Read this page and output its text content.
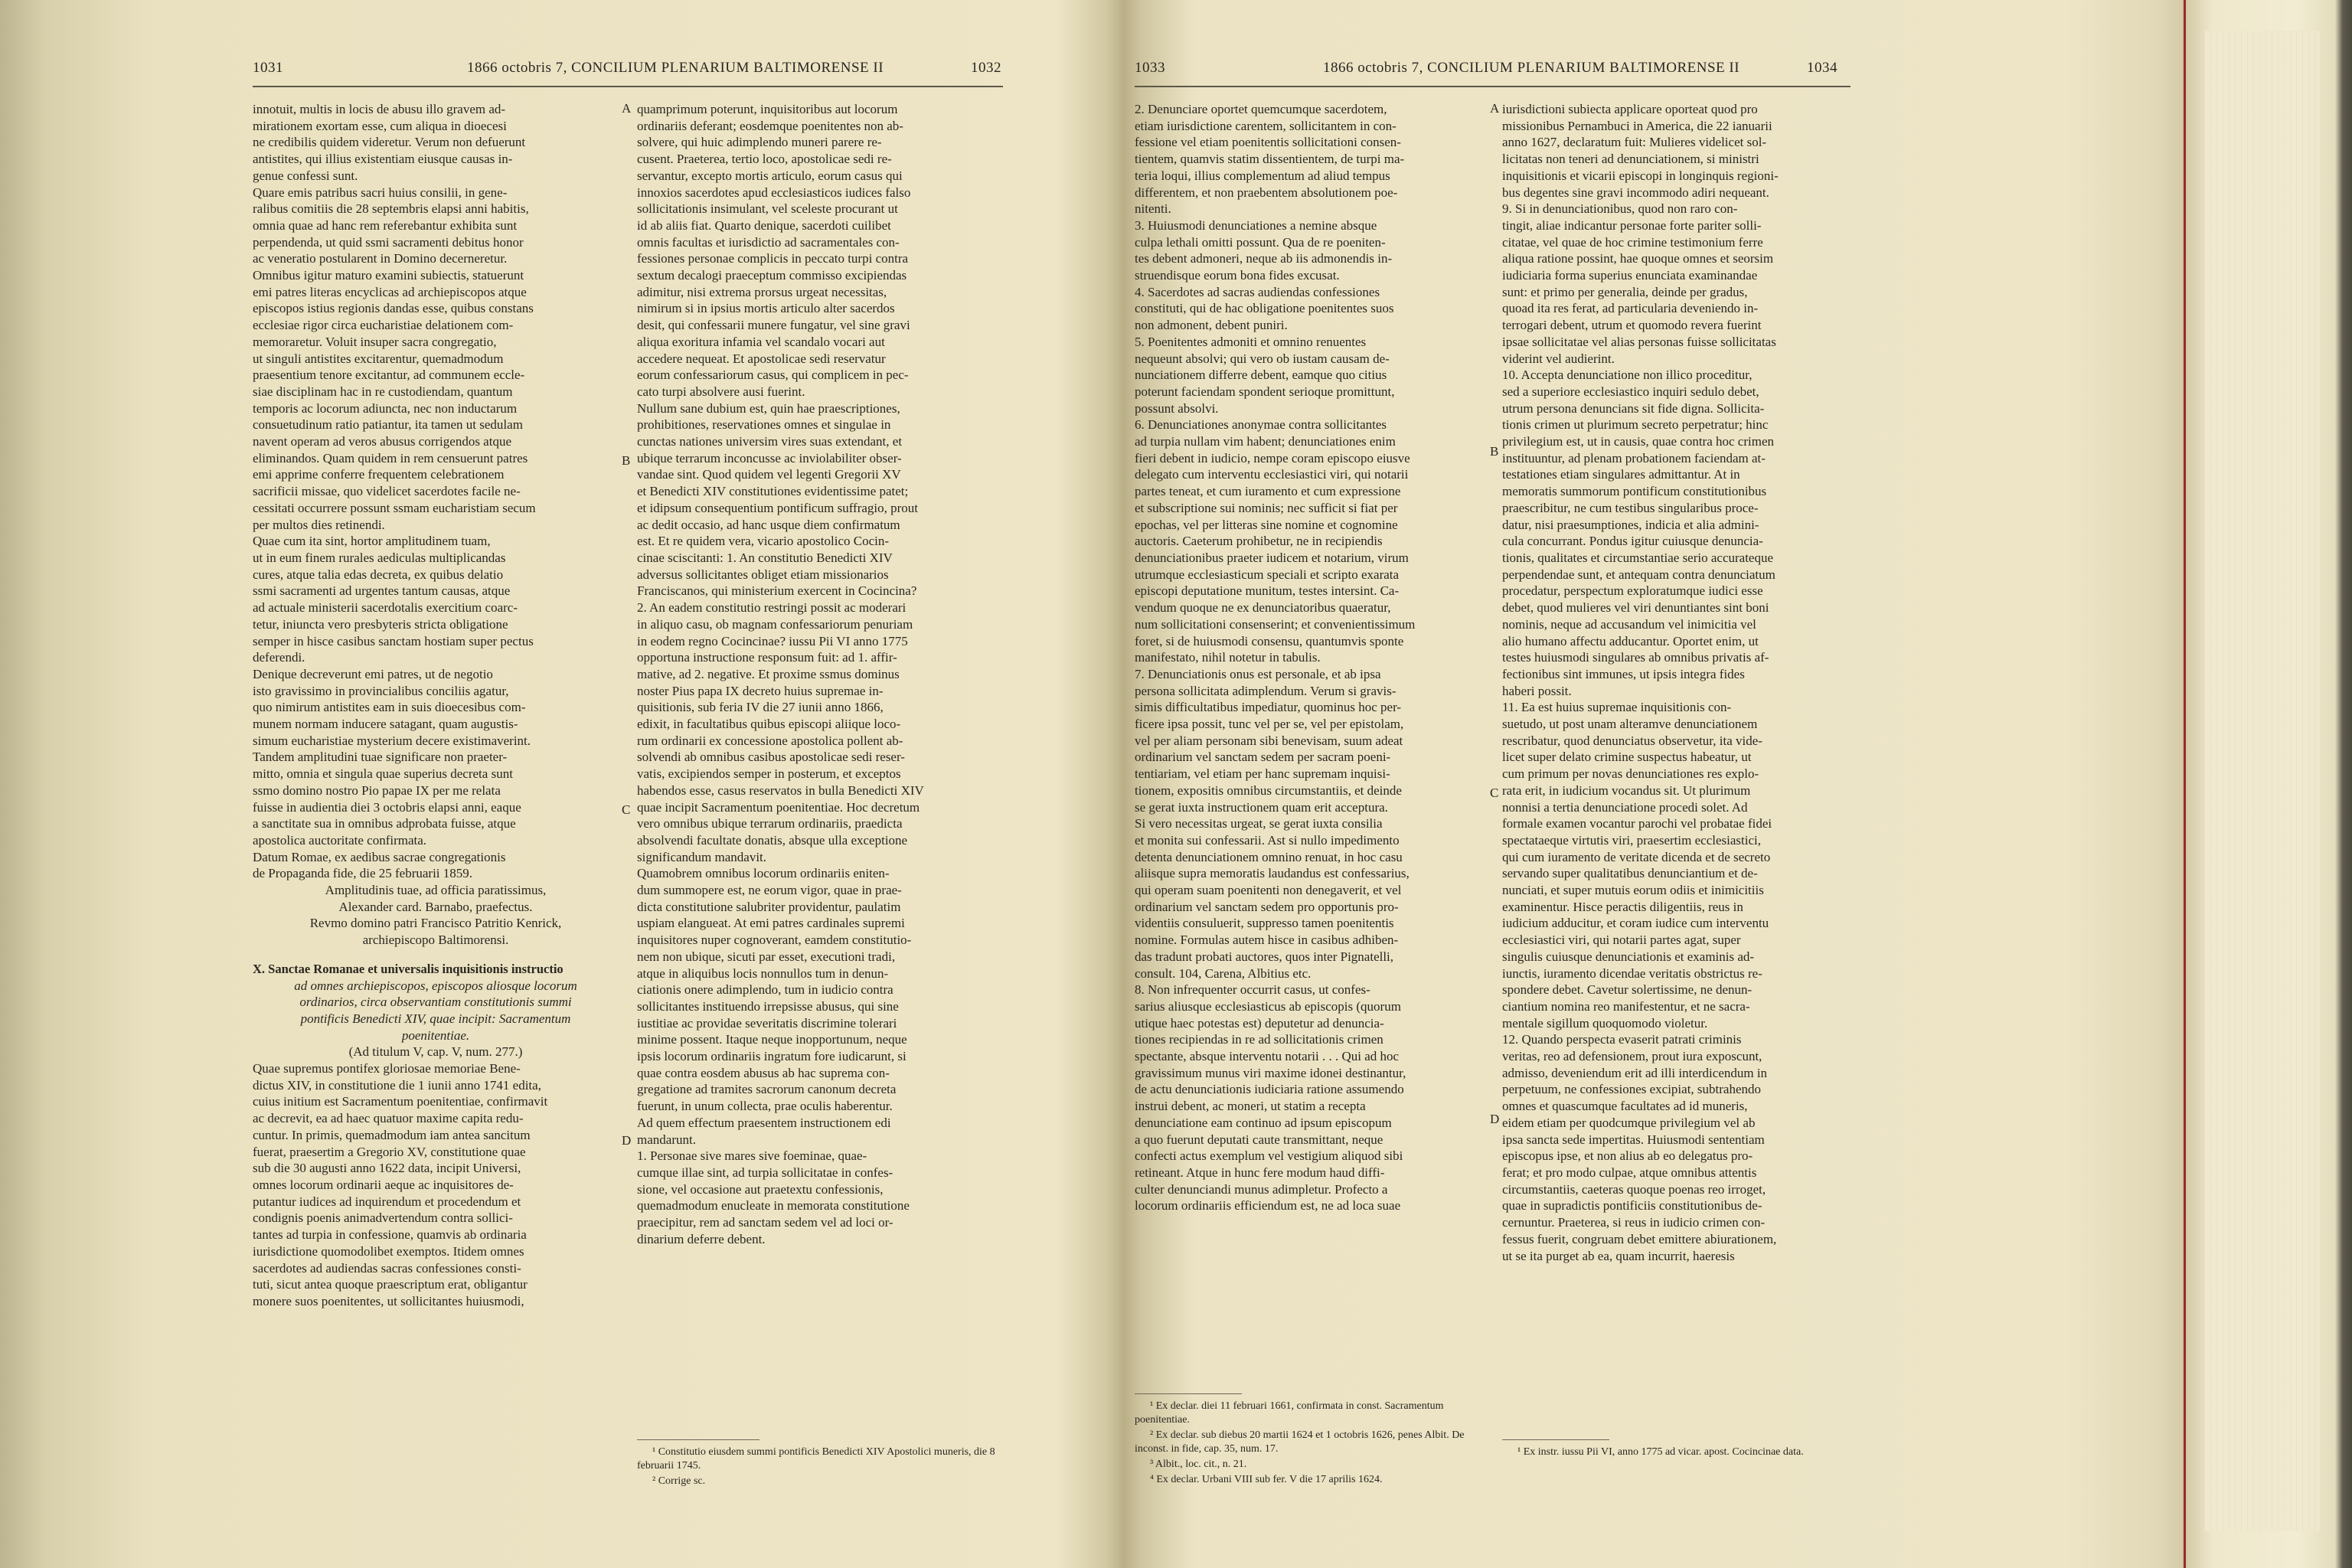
1031	1866 octobris 7, CONCILIUM PLENARIUM BALTIMORENSE II	1032

innotuit, multis in locis de abusu illo gravem ad-

mirationem exortam esse, cum aliqua in dioecesi

ne credibilis quidem videretur. Verum non defuerunt

antistites, qui illius existentiam eiusque causas in-

genue confessi sunt.

Quare emis patribus sacri huius consilii, in gene-

ralibus comitiis die 28 septembris elapsi anni habitis,

omnia quae ad hanc rem referebantur exhibita sunt

perpendenda, ut quid ssmi sacramenti debitus honor

ac veneratio postularent in Domino decerneretur.

Omnibus igitur maturo examini subiectis, statuerunt

emi patres literas encyclicas ad archiepiscopos atque

episcopos istius regionis dandas esse, quibus constans

ecclesiae rigor circa eucharistiae delationem com-

memoraretur. Voluit insuper sacra congregatio,

ut singuli antistites excitarentur, quemadmodum

praesentium tenore excitantur, ad communem eccle-

siae disciplinam hac in re custodiendam, quantum

temporis ac locorum adiuncta, nec non inductarum

consuetudinum ratio patiantur, ita tamen ut sedulam

navent operam ad veros abusus corrigendos atque

eliminandos. Quam quidem in rem censuerunt patres

emi apprime conferre frequentem celebrationem

sacrificii missae, quo videlicet sacerdotes facile ne-

cessitati occurrere possunt ssmam eucharistiam secum

per multos dies retinendi.

Quae cum ita sint, hortor amplitudinem tuam,

ut in eum finem rurales aediculas multiplicandas

cures, atque talia edas decreta, ex quibus delatio

ssmi sacramenti ad urgentes tantum causas, atque

ad actuale ministerii sacerdotalis exercitium coarc-

tetur, iniuncta vero presbyteris stricta obligatione

semper in hisce casibus sanctam hostiam super pectus

deferendi.

Denique decreverunt emi patres, ut de negotio

isto gravissimo in provincialibus conciliis agatur,

quo nimirum antistites eam in suis dioecesibus com-

munem normam inducere satagant, quam augustis-

simum eucharistiae mysterium decere existimaverint.

Tandem amplitudini tuae significare non praeter-

mitto, omnia et singula quae superius decreta sunt

ssmo domino nostro Pio papae IX per me relata

fuisse in audientia diei 3 octobris elapsi anni, eaque

a sanctitate sua in omnibus adprobata fuisse, atque

apostolica auctoritate confirmata.

Datum Romae, ex aedibus sacrae congregationis

de Propaganda fide, die 25 februarii 1859.

Amplitudinis tuae, ad officia paratissimus,

Alexander card. Barnabo, praefectus.

Revmo domino patri Francisco Patritio Kenrick,

archiepiscopo Baltimorensi.

X. Sanctae Romanae et universalis inquisitionis instructio

ad omnes archiepiscopos, episcopos aliosque locorum

ordinarios, circa observantiam constitutionis summi

pontificis Benedicti XIV, quae incipit: Sacramentum

poenitentiae.

(Ad titulum V, cap. V, num. 277.)

Quae supremus pontifex gloriosae memoriae Bene-

dictus XIV, in constitutione die 1 iunii anno 1741 edita,

cuius initium est Sacramentum poenitentiae, confirmavit

ac decrevit, ea ad haec quatuor maxime capita redu-

cuntur. In primis, quemadmodum iam antea sancitum

fuerat, praesertim a Gregorio XV, constitutione quae

sub die 30 augusti anno 1622 data, incipit Universi,

omnes locorum ordinarii aeque ac inquisitores de-

putantur iudices ad inquirendum et procedendum et

condignis poenis animadvertendum contra sollici-

tantes ad turpia in confessione, quamvis ab ordinaria

iurisdictione quomodolibet exemptos. Itidem omnes

sacerdotes ad audiendas sacras confessiones consti-

tuti, sicut antea quoque praescriptum erat, obligantur

monere suos poenitentes, ut sollicitantes huiusmodi,

quamprimum poterunt, inquisitoribus aut locorum

ordinariis deferant; eosdemque poenitentes non ab-

solvere, qui huic adimplendo muneri parere re-

cusent. Praeterea, tertio loco, apostolicae sedi re-

servantur, excepto mortis articulo, eorum casus qui

innoxios sacerdotes apud ecclesiasticos iudices falso

sollicitationis insimulant, vel sceleste procurant ut

id ab aliis fiat. Quarto denique, sacerdoti cuilibet

omnis facultas et iurisdictio ad sacramentales con-

fessiones personae complicis in peccato turpi contra

sextum decalogi praeceptum commisso excipiendas

adimitur, nisi extrema prorsus urgeat necessitas,

nimirum si in ipsius mortis articulo alter sacerdos

desit, qui confessarii munere fungatur, vel sine gravi

aliqua exoritura infamia vel scandalo vocari aut

accedere nequeat. Et apostolicae sedi reservatur

eorum confessariorum casus, qui complicem in pec-

cato turpi absolvere ausi fuerint.

Nullum sane dubium est, quin hae praescriptiones,

prohibitiones, reservationes omnes et singulae in

cunctas nationes universim vires suas extendant, et

ubique terrarum inconcusse ac inviolabiliter obser-

vandae sint. Quod quidem vel legenti Gregorii XV

et Benedicti XIV constitutiones evidentissime patet;

et idipsum consequentium pontificum suffragio, prout

ac dedit occasio, ad hanc usque diem confirmatum

est. Et re quidem vera, vicario apostolico Cocin-

cinae sciscitanti: 1. An constitutio Benedicti XIV

adversus sollicitantes obliget etiam missionarios

Franciscanos, qui ministerium exercent in Cocincina?

2. An eadem constitutio restringi possit ac moderari

in aliquo casu, ob magnam confessariorum penuriam

in eodem regno Cocincinae? iussu Pii VI anno 1775

opportuna instructione responsum fuit: ad 1. affir-

mative, ad 2. negative. Et proxime ssmus dominus

noster Pius papa IX decreto huius supremae in-

quisitionis, sub feria IV die 27 iunii anno 1866,

edixit, in facultatibus quibus episcopi aliique loco-

rum ordinarii ex concessione apostolica pollent ab-

solvendi ab omnibus casibus apostolicae sedi reser-

vatis, excipiendos semper in posterum, et exceptos

habendos esse, casus reservatos in bulla Benedicti XIV

quae incipit Sacramentum poenitentiae. Hoc decretum

vero omnibus ubique terrarum ordinariis, praedicta

absolvendi facultate donatis, absque ulla exceptione

significandum mandavit.

Quamobrem omnibus locorum ordinariis eniten-

dum summopere est, ne eorum vigor, quae in prae-

dicta constitutione salubriter providentur, paulatim

uspiam elangueat. At emi patres cardinales supremi

inquisitores nuper cognoverant, eamdem constitutio-

nem non ubique, sicuti par esset, executioni tradi,

atque in aliquibus locis nonnullos tum in denun-

ciationis onere adimplendo, tum in iudicio contra

sollicitantes instituendo irrepsisse abusus, qui sine

iustitiae ac providae severitatis discrimine tolerari

minime possent. Itaque neque inopportunum, neque

ipsis locorum ordinariis ingratum fore iudicarunt, si

quae contra eosdem abusus ab hac suprema con-

gregatione ad tramites sacrorum canonum decreta

fuerunt, in unum collecta, prae oculis haberentur.

Ad quem effectum praesentem instructionem edi

mandarunt.

1. Personae sive mares sive foeminae, quae-

cumque illae sint, ad turpia sollicitatae in confes-

sione, vel occasione aut praetextu confessionis,

quemadmodum enucleate in memorata constitutione

praecipitur, rem ad sanctam sedem vel ad loci or-

dinarium deferre debent.

A
B
C
D

¹ Constitutio eiusdem summi pontificis Benedicti XIV Apostolici muneris, die 8 februarii 1745.

² Corrige sc.

1033	1866 octobris 7, CONCILIUM PLENARIUM BALTIMORENSE II	1034

2. Denunciare oportet quemcumque sacerdotem,

etiam iurisdictione carentem, sollicitantem in con-

fessione vel etiam poenitentis sollicitationi consen-

tientem, quamvis statim dissentientem, de turpi ma-

teria loqui, illius complementum ad aliud tempus

differentem, et non praebentem absolutionem poe-

nitenti.

3. Huiusmodi denunciationes a nemine absque

culpa lethali omitti possunt. Qua de re poeniten-

tes debent admoneri, neque ab iis admonendis in-

struendisque eorum bona fides excusat.

4. Sacerdotes ad sacras audiendas confessiones

constituti, qui de hac obligatione poenitentes suos

non admonent, debent puniri.

5. Poenitentes admoniti et omnino renuentes

nequeunt absolvi; qui vero ob iustam causam de-

nunciationem differre debent, eamque quo citius

poterunt faciendam spondent serioque promittunt,

possunt absolvi.

6. Denunciationes anonymae contra sollicitantes

ad turpia nullam vim habent; denunciationes enim

fieri debent in iudicio, nempe coram episcopo eiusve

delegato cum interventu ecclesiastici viri, qui notarii

partes teneat, et cum iuramento et cum expressione

et subscriptione sui nominis; nec sufficit si fiat per

epochas, vel per litteras sine nomine et cognomine

auctoris. Caeterum prohibetur, ne in recipiendis

denunciationibus praeter iudicem et notarium, virum

utrumque ecclesiasticum speciali et scripto exarata

episcopi deputatione munitum, testes intersint. Ca-

vendum quoque ne ex denunciatoribus quaeratur,

num sollicitationi consenserint; et convenientissimum

foret, si de huiusmodi consensu, quantumvis sponte

manifestato, nihil notetur in tabulis.

7. Denunciationis onus est personale, et ab ipsa

persona sollicitata adimplendum. Verum si gravis-

simis difficultatibus impediatur, quominus hoc per-

ficere ipsa possit, tunc vel per se, vel per epistolam,

vel per aliam personam sibi benevisam, suum adeat

ordinarium vel sanctam sedem per sacram poeni-

tentiariam, vel etiam per hanc supremam inquisi-

tionem, expositis omnibus circumstantiis, et deinde

se gerat iuxta instructionem quam erit acceptura.

Si vero necessitas urgeat, se gerat iuxta consilia

et monita sui confessarii. Ast si nullo impedimento

detenta denunciationem omnino renuat, in hoc casu

aliisque supra memoratis laudandus est confessarius,

qui operam suam poenitenti non denegaverit, et vel

ordinarium vel sanctam sedem pro opportunis pro-

videntiis consuluerit, suppresso tamen poenitentis

nomine. Formulas autem hisce in casibus adhiben-

das tradunt probati auctores, quos inter Pignatelli,

consult. 104, Carena, Albitius etc.

8. Non infrequenter occurrit casus, ut confes-

sarius aliusque ecclesiasticus ab episcopis (quorum

utique haec potestas est) deputetur ad denuncia-

tiones recipiendas in re ad sollicitationis crimen

spectante, absque interventu notarii . . . Qui ad hoc

gravissimum munus viri maxime idonei destinantur,

de actu denunciationis iudiciaria ratione assumendo

instrui debent, ac moneri, ut statim a recepta

denunciatione eam continuo ad ipsum episcopum

a quo fuerunt deputati caute transmittant, neque

confecti actus exemplum vel vestigium aliquod sibi

retineant. Atque in hunc fere modum haud diffi-

culter denunciandi munus adimpletur. Profecto a

locorum ordinariis efficiendum est, ne ad loca suae

iurisdictioni subiecta applicare oporteat quod pro

missionibus Pernambuci in America, die 22 ianuarii

anno 1627, declaratum fuit: Mulieres videlicet sol-

licitatas non teneri ad denunciationem, si ministri

inquisitionis et vicarii episcopi in longinquis regioni-

bus degentes sine gravi incommodo adiri nequeant.

9. Si in denunciationibus, quod non raro con-

tingit, aliae indicantur personae forte pariter solli-

citatae, vel quae de hoc crimine testimonium ferre

aliqua ratione possint, hae quoque omnes et seorsim

iudiciaria forma superius enunciata examinandae

sunt: et primo per generalia, deinde per gradus,

quoad ita res ferat, ad particularia deveniendo in-

terrogari debent, utrum et quomodo revera fuerint

ipsae sollicitatae vel alias personas fuisse sollicitatas

viderint vel audierint.

10. Accepta denunciatione non illico proceditur,

sed a superiore ecclesiastico inquiri sedulo debet,

utrum persona denuncians sit fide digna. Sollicita-

tionis crimen ut plurimum secreto perpetratur; hinc

privilegium est, ut in causis, quae contra hoc crimen

instituuntur, ad plenam probationem faciendam at-

testationes etiam singulares admittantur. At in

memoratis summorum pontificum constitutionibus

praescribitur, ne cum testibus singularibus proce-

datur, nisi praesumptiones, indicia et alia admini-

cula concurrant. Pondus igitur cuiusque denuncia-

tionis, qualitates et circumstantiae serio accurateque

perpendendae sunt, et antequam contra denunciatum

procedatur, perspectum exploratumque iudici esse

debet, quod mulieres vel viri denuntiantes sint boni

nominis, neque ad accusandum vel inimicitia vel

alio humano affectu adducantur. Oportet enim, ut

testes huiusmodi singulares ab omnibus privatis af-

fectionibus sint immunes, ut ipsis integra fides

haberi possit.

11. Ea est huius supremae inquisitionis con-

suetudo, ut post unam alteramve denunciationem

rescribatur, quod denunciatus observetur, ita vide-

licet super delato crimine suspectus habeatur, ut

cum primum per novas denunciationes res explo-

rata erit, in iudicium vocandus sit. Ut plurimum

nonnisi a tertia denunciatione procedi solet. Ad

formale examen vocantur parochi vel probatae fidei

spectataeque virtutis viri, praesertim ecclesiastici,

qui cum iuramento de veritate dicenda et de secreto

servando super qualitatibus denunciantium et de-

nunciati, et super mutuis eorum odiis et inimicitiis

examinentur. Hisce peractis diligentiis, reus in

iudicium adducitur, et coram iudice cum interventu

ecclesiastici viri, qui notarii partes agat, super

singulis cuiusque denunciationis et examinis ad-

iunctis, iuramento dicendae veritatis obstrictus re-

spondere debet. Cavetur solertissime, ne denun-

ciantium nomina reo manifestentur, et ne sacra-

mentale sigillum quoquomodo violetur.

12. Quando perspecta evaserit patrati criminis

veritas, reo ad defensionem, prout iura exposcunt,

admisso, deveniendum erit ad illi interdicendum in

perpetuum, ne confessiones excipiat, subtrahendo

omnes et quascumque facultates ad id muneris,

eidem etiam per quodcumque privilegium vel ab

ipsa sancta sede impertitas. Huiusmodi sententiam

episcopus ipse, et non alius ab eo delegatus pro-

ferat; et pro modo culpae, atque omnibus attentis

circumstantiis, caeteras quoque poenas reo irroget,

quae in supradictis pontificiis constitutionibus de-

cernuntur. Praeterea, si reus in iudicio crimen con-

fessus fuerit, congruam debet emittere abiurationem,

ut se ita purget ab ea, quam incurrit, haeresis

A
B
C
D

¹ Ex declar. diei 11 februari 1661, confirmata in const. Sacramentum poenitentiae.

² Ex declar. sub diebus 20 martii 1624 et 1 octobris 1626, penes Albit. De inconst. in fide, cap. 35, num. 17.

³ Albit., loc. cit., n. 21.

⁴ Ex declar. Urbani VIII sub fer. V die 17 aprilis 1624.

¹ Ex instr. iussu Pii VI, anno 1775 ad vicar. apost. Cocincinae data.
